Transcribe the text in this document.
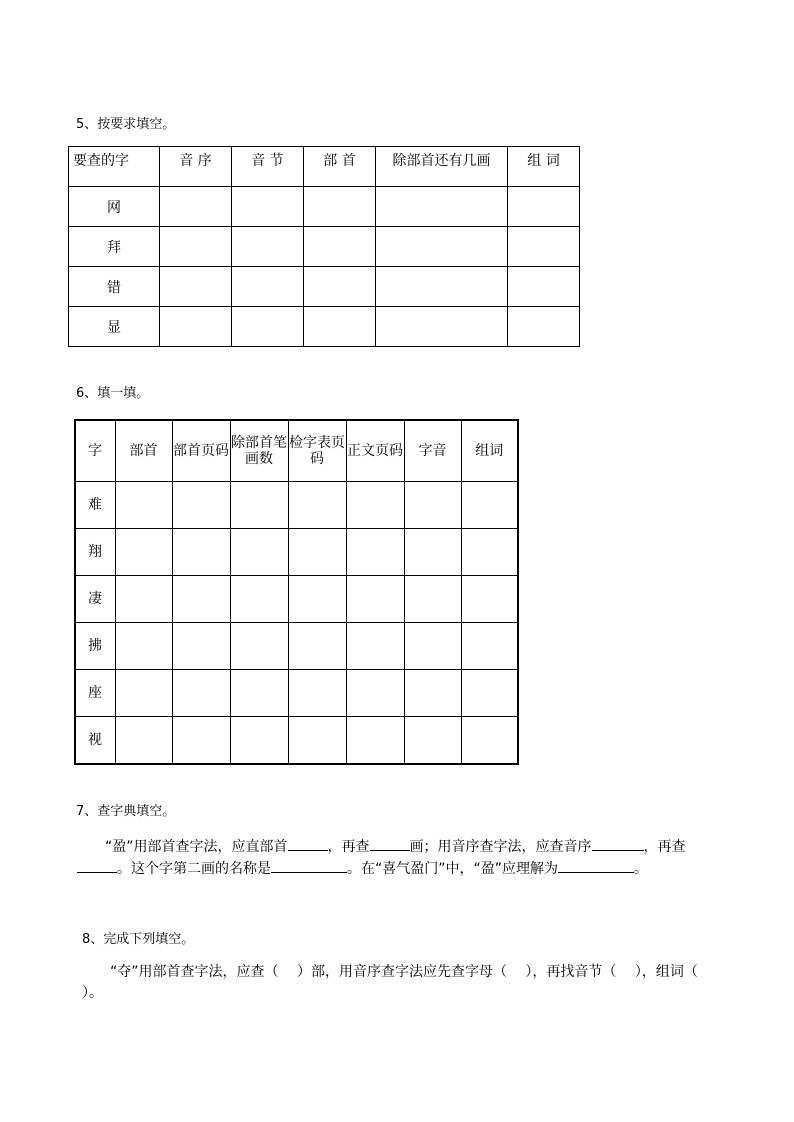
5、按要求填空。
要查的字	音 序	音 节	部 首	除部首还有几画	组 词
网					
拜					
错					
显					
6、填一填。
字	部首	部首页码	除部首笔画数	检字表页码	正文页码	字音	组词
难							
翔							
凄							
拂							
座							
视							
7、查字典填空。
“盈”用部首查字法，应直部首	，再查	画；用音序查字法，应查音序	，再查。这个字第二画的名称是	。在“喜气盈门”中，“盈”应理解为	。
8、完成下列填空。
“夺”用部首查字法，应查（　 ）部，用音序查字法应先查字母（　 ），再找音节（　 ），组词（　 ）。
